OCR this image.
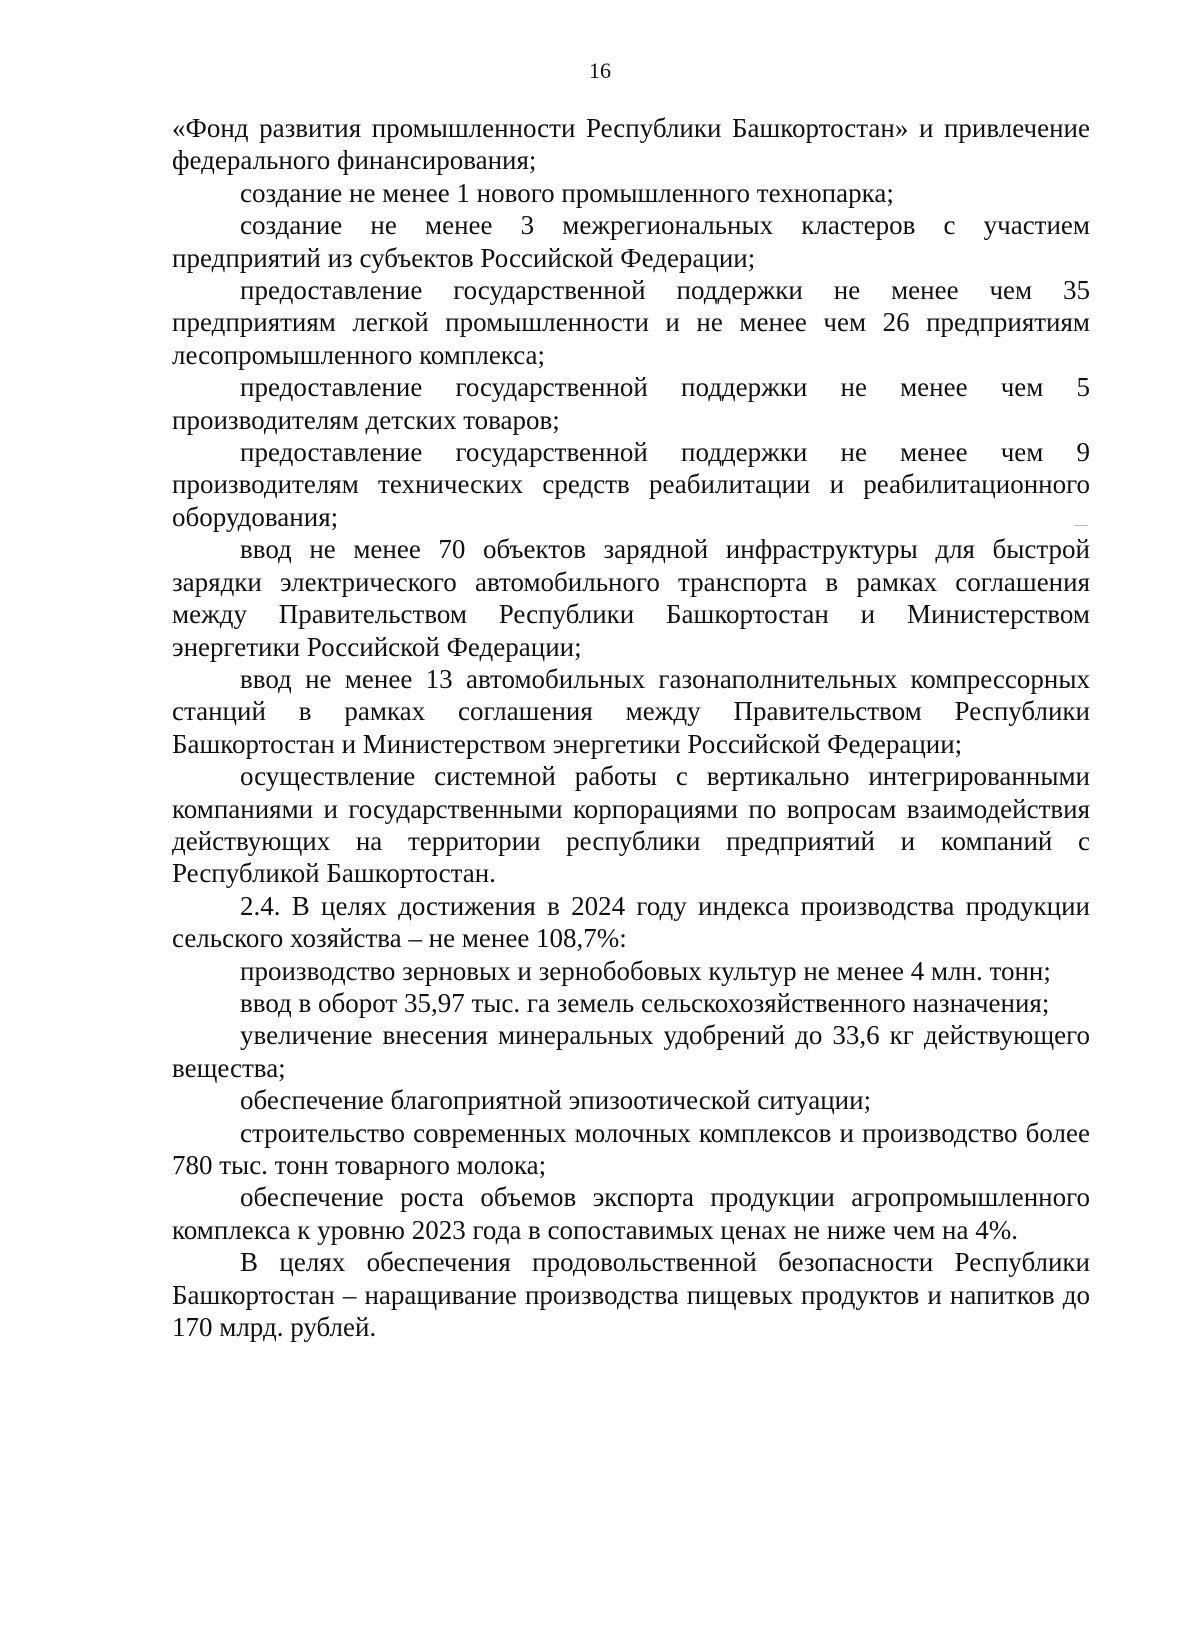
16

«Фонд развития промышленности Республики Башкортостан» и привлечение федерального финансирования;

создание не менее 1 нового промышленного технопарка;

создание не менее 3 межрегиональных кластеров с участием предприятий из субъектов Российской Федерации;

предоставление государственной поддержки не менее чем 35 предприятиям легкой промышленности и не менее чем 26 предприятиям лесопромышленного комплекса;

предоставление государственной поддержки не менее чем 5 производителям детских товаров;

предоставление государственной поддержки не менее чем 9 производителям технических средств реабилитации и реабилитационного оборудования;

ввод не менее 70 объектов зарядной инфраструктуры для быстрой зарядки электрического автомобильного транспорта в рамках соглашения между Правительством Республики Башкортостан и Министерством энергетики Российской Федерации;

ввод не менее 13 автомобильных газонаполнительных компрессорных станций в рамках соглашения между Правительством Республики Башкортостан и Министерством энергетики Российской Федерации;

осуществление системной работы с вертикально интегрированными компаниями и государственными корпорациями по вопросам взаимодействия действующих на территории республики предприятий и компаний с Республикой Башкортостан.

2.4. В целях достижения в 2024 году индекса производства продукции сельского хозяйства – не менее 108,7%:

производство зерновых и зернобобовых культур не менее 4 млн. тонн;

ввод в оборот 35,97 тыс. га земель сельскохозяйственного назначения;

увеличение внесения минеральных удобрений до 33,6 кг действующего вещества;

обеспечение благоприятной эпизоотической ситуации;

строительство современных молочных комплексов и производство более 780 тыс. тонн товарного молока;

обеспечение роста объемов экспорта продукции агропромышленного комплекса к уровню 2023 года в сопоставимых ценах не ниже чем на 4%.

В целях обеспечения продовольственной безопасности Республики Башкортостан – наращивание производства пищевых продуктов и напитков до 170 млрд. рублей.
